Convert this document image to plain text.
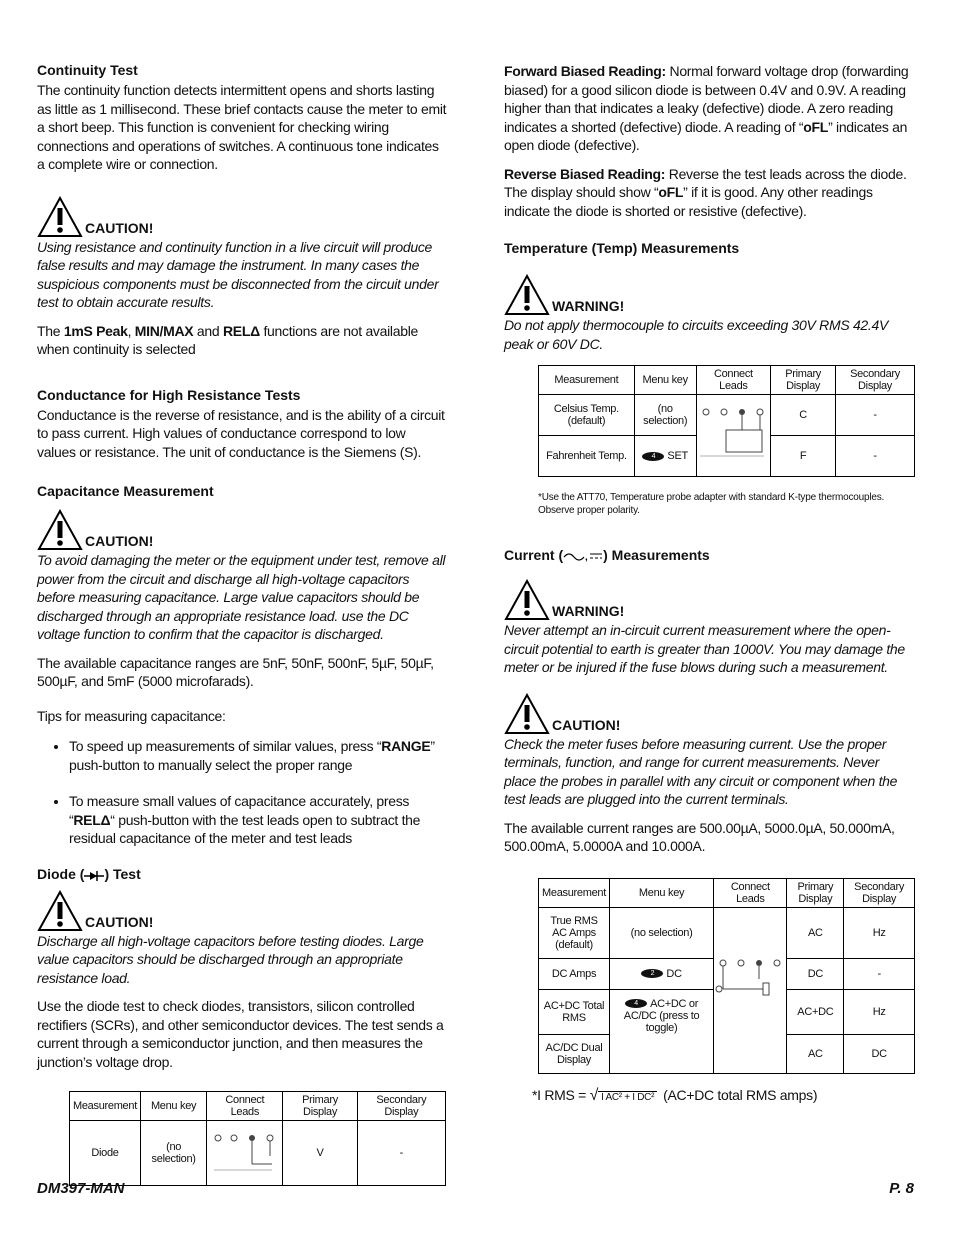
Continuity Test

The continuity function detects intermittent opens and shorts lasting as little as 1 millisecond. These brief contacts cause the meter to emit a short beep. This function is convenient for checking wiring connections and operations of switches. A continuous tone indicates a complete wire or connection.

CAUTION!

Using resistance and continuity function in a live circuit will produce false results and may damage the instrument. In many cases the suspicious components must be disconnected from the circuit under test to obtain accurate results.

The 1mS Peak, MIN/MAX and RELΔ functions are not available when continuity is selected

Conductance for High Resistance Tests

Conductance is the reverse of resistance, and is the ability of a circuit to pass current. High values of conductance correspond to low values or resistance. The unit of conductance is the Siemens (S).

Capacitance Measurement
CAUTION!

To avoid damaging the meter or the equipment under test, remove all power from the circuit and discharge all high-voltage capacitors before measuring capacitance. Large value capacitors should be discharged through an appropriate resistance load. use the DC voltage function to confirm that the capacitor is discharged.

The available capacitance ranges are 5nF, 50nF, 500nF, 5µF, 50µF, 500µF, and 5mF (5000 microfarads).

Tips for measuring capacitance:

• To speed up measurements of similar values, press “RANGE” push-button to manually select the proper range
• To measure small values of capacitance accurately, press “RELΔ“ push-button with the test leads open to subtract the residual capacitance of the meter and test leads
Diode ( ) Test
CAUTION!

Discharge all high-voltage capacitors before testing diodes. Large value capacitors should be discharged through an appropriate resistance load.

Use the diode test to check diodes, transistors, silicon controlled rectifiers (SCRs), and other semiconductor devices. The test sends a current through a semiconductor junction, and then measures the junction’s voltage drop.

Measurement	Menu key	Connect Leads	Primary Display	Secondary Display
Diode	(no selection)		V	-

Forward Biased Reading: Normal forward voltage drop (forwarding biased) for a good silicon diode is between 0.4V and 0.9V. A reading higher than that indicates a leaky (defective) diode. A zero reading indicates a shorted (defective) diode. A reading of “oFL” indicates an open diode (defective).

Reverse Biased Reading: Reverse the test leads across the diode. The display should show “oFL” if it is good. Any other readings indicate the diode is shorted or resistive (defective).

Temperature (Temp) Measurements
WARNING!

Do not apply thermocouple to circuits exceeding 30V RMS 42.4V peak or 60V DC.

Measurement	Menu key	Connect Leads	Primary Display	Secondary Display
Celsius Temp. (default)	(no selection)		C	-
Fahrenheit Temp.	4 SET		F	-

*Use the ATT70, Temperature probe adapter with standard K-type thermocouples. Observe proper polarity.

Current ( , ) Measurements
WARNING!

Never attempt an in-circuit current measurement where the open-circuit potential to earth is greater than 1000V. You may damage the meter or be injured if the fuse blows during such a measurement.

CAUTION!

Check the meter fuses before measuring current. Use the proper terminals, function, and range for current measurements. Never place the probes in parallel with any circuit or component when the test leads are plugged into the current terminals.

The available current ranges are 500.00µA, 5000.0µA, 50.000mA, 500.00mA, 5.0000A and 10.000A.

Measurement	Menu key	Connect Leads	Primary Display	Secondary Display
True RMS AC Amps (default)	(no selection)		AC	Hz
DC Amps	2 DC		DC	-
AC+DC Total RMS	4 AC+DC or AC/DC (press to toggle)		AC+DC	Hz
AC/DC Dual Display			AC	DC

*I RMS = √ I AC² + I DC² (AC+DC total RMS amps)

DM397-MAN	P. 8
